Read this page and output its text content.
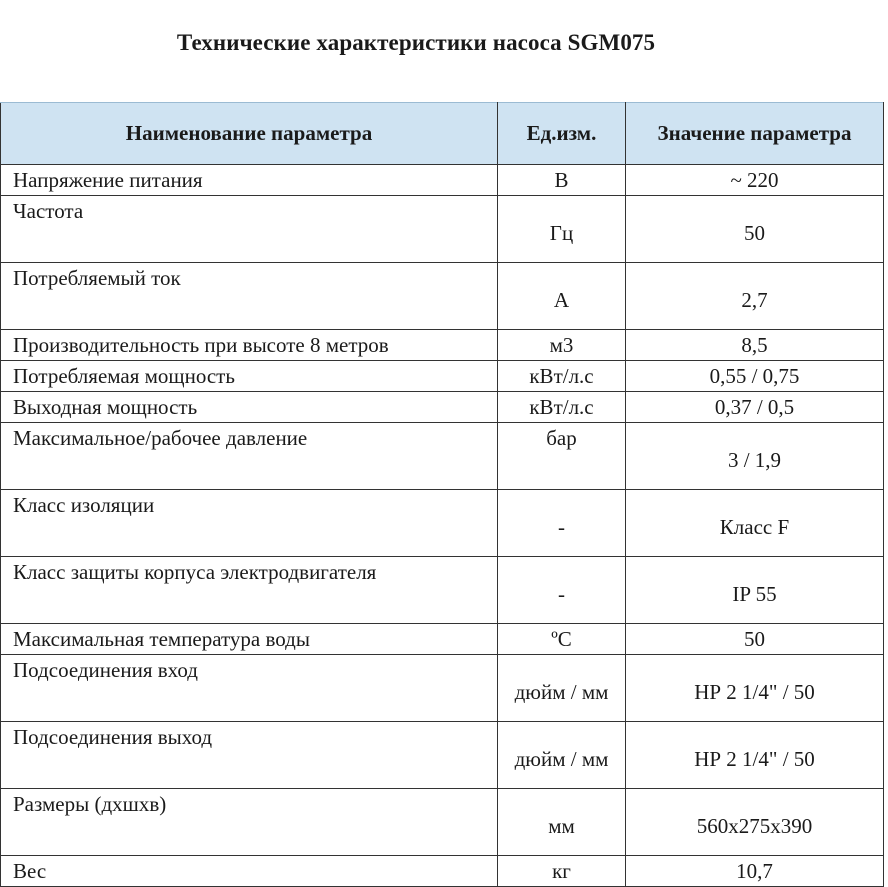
Технические характеристики насоса SGM075
Наименование параметра	Ед.изм.	Значение параметра
Напряжение питания	В	~ 220
Частота	Гц	50
Потребляемый ток	А	2,7
Производительность при высоте 8 метров	м3	8,5
Потребляемая мощность	кВт/л.с	0,55 / 0,75
Выходная мощность	кВт/л.с	0,37 / 0,5
Максимальное/рабочее давление	бар	3 / 1,9
Класс изоляции	-	Класс F
Класс защиты корпуса электродвигателя	-	IP 55
Максимальная температура воды	ºС	50
Подсоединения вход	дюйм / мм	НР 2 1/4" / 50
Подсоединения выход	дюйм / мм	НР 2 1/4" / 50
Размеры (дхшхв)	мм	560x275x390
Вес	кг	10,7
